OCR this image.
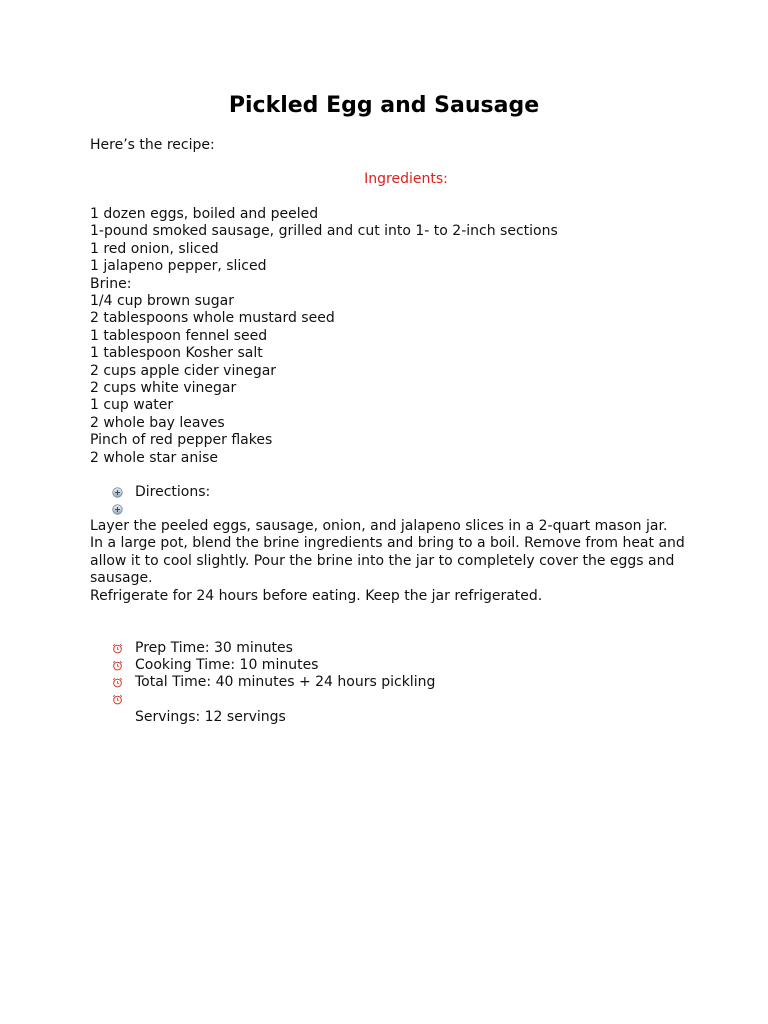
Pickled Egg and Sausage
Here’s the recipe:
Ingredients:
1 dozen eggs, boiled and peeled
1-pound smoked sausage, grilled and cut into 1- to 2-inch sections
1 red onion, sliced
1 jalapeno pepper, sliced
Brine:
1/4 cup brown sugar
2 tablespoons whole mustard seed
1 tablespoon fennel seed
1 tablespoon Kosher salt
2 cups apple cider vinegar
2 cups white vinegar
1 cup water
2 whole bay leaves
Pinch of red pepper flakes
2 whole star anise
Directions:

Layer the peeled eggs, sausage, onion, and jalapeno slices in a 2-quart mason jar.

In a large pot, blend the brine ingredients and bring to a boil. Remove from heat and allow it to cool slightly. Pour the brine into the jar to completely cover the eggs and sausage.

Refrigerate for 24 hours before eating. Keep the jar refrigerated.

Prep Time: 30 minutes
Cooking Time: 10 minutes
Total Time: 40 minutes + 24 hours pickling
Servings: 12 servings
